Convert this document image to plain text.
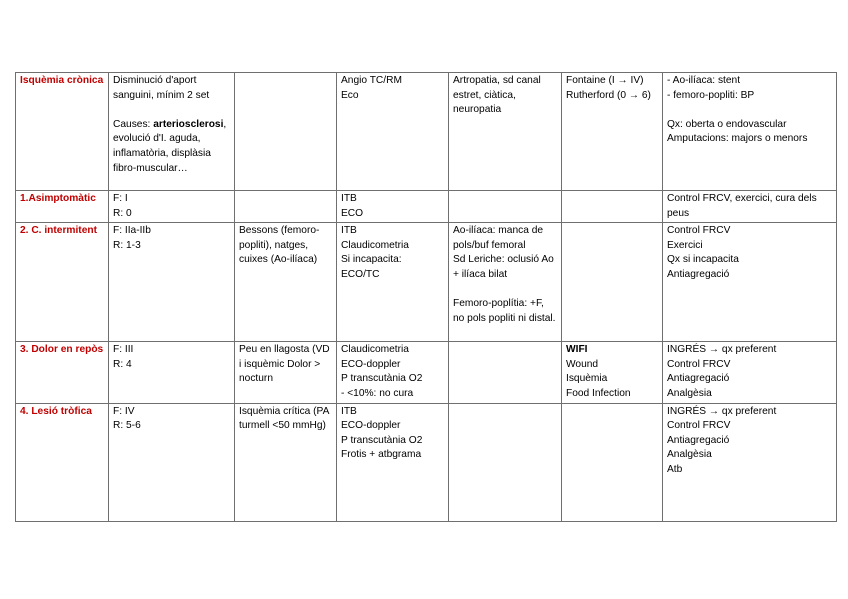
Isquèmia crònica	Disminució d'aport sanguini, mínim 2 set
Causes: arteriosclerosi, evolució d'I. aguda, inflamatòria, displàsia fibro-muscular…		Angio TC/RM
Eco	Artropatia, sd canal estret, ciàtica, neuropatia	Fontaine (I → IV)
Rutherford (0 → 6)	- Ao-ilíaca: stent
- femoro-popliti: BP
Qx: oberta o endovascular
Amputacions: majors o menors

1.Asimptomàtic	F: I
R: 0		ITB
ECO			Control FRCV, exercici, cura dels peus

2. C. intermitent	F: IIa-IIb
R: 1-3	Bessons (femoro-popliti), natges, cuixes (Ao-ilíaca)	ITB
Claudicometria
Si incapacita:
ECO/TC	Ao-ilíaca: manca de pols/buf femoral
Sd Leriche: oclusió Ao + ilíaca bilat
Femoro-poplítia: +F, no pols popliti ni distal.		Control FRCV
Exercici
Qx si incapacita
Antiagregació

3. Dolor en repòs	F: III
R: 4	Peu en llagosta (VD i isquèmic Dolor > nocturn	Claudicometria
ECO-doppler
P transcutània O2
- <10%: no cura		WIFI
Wound
Isquèmia
Food Infection	INGRÉS → qx preferent
Control FRCV
Antiagregació
Analgèsia

4. Lesió tròfica	F: IV
R: 5-6	Isquèmia crítica (PA turmell <50 mmHg)	ITB
ECO-doppler
P transcutània O2
Frotis + atbgrama			INGRÉS → qx preferent
Control FRCV
Antiagregació
Analgèsia
Atb
